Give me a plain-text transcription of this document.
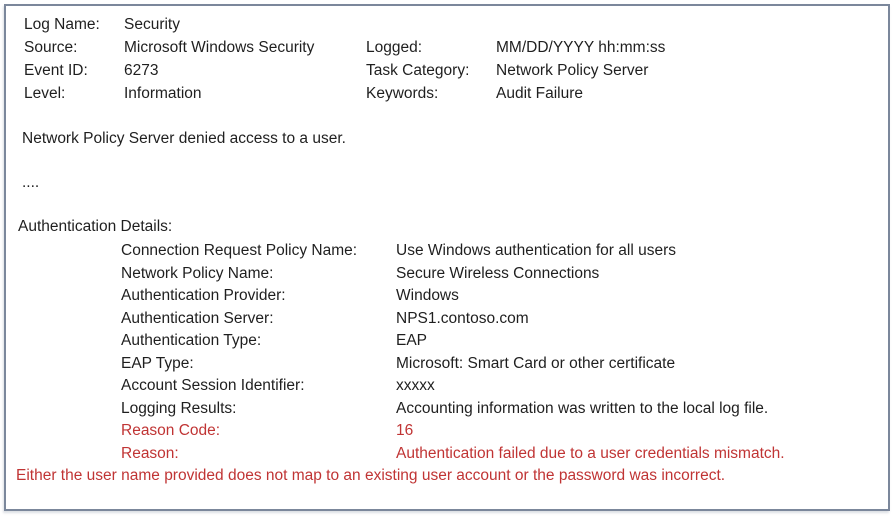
Log Name: Security
Source:	Microsoft Windows Security	Logged:	MM/DD/YYYY hh:mm:ss
Event ID: 6273	Task Category: Network Policy Server
Level:	Information	Keywords:	Audit Failure
Network Policy Server denied access to a user.
....
Authentication Details:
Connection Request Policy Name:	Use Windows authentication for all users
Network Policy Name:	Secure Wireless Connections
Authentication Provider:	Windows
Authentication Server:	NPS1.contoso.com
Authentication Type:	EAP
EAP Type:	Microsoft: Smart Card or other certificate
Account Session Identifier:	xxxxx
Logging Results:	Accounting information was written to the local log file.
Reason Code:	16
Reason:	Authentication failed due to a user credentials mismatch.
Either the user name provided does not map to an existing user account or the password was incorrect.
